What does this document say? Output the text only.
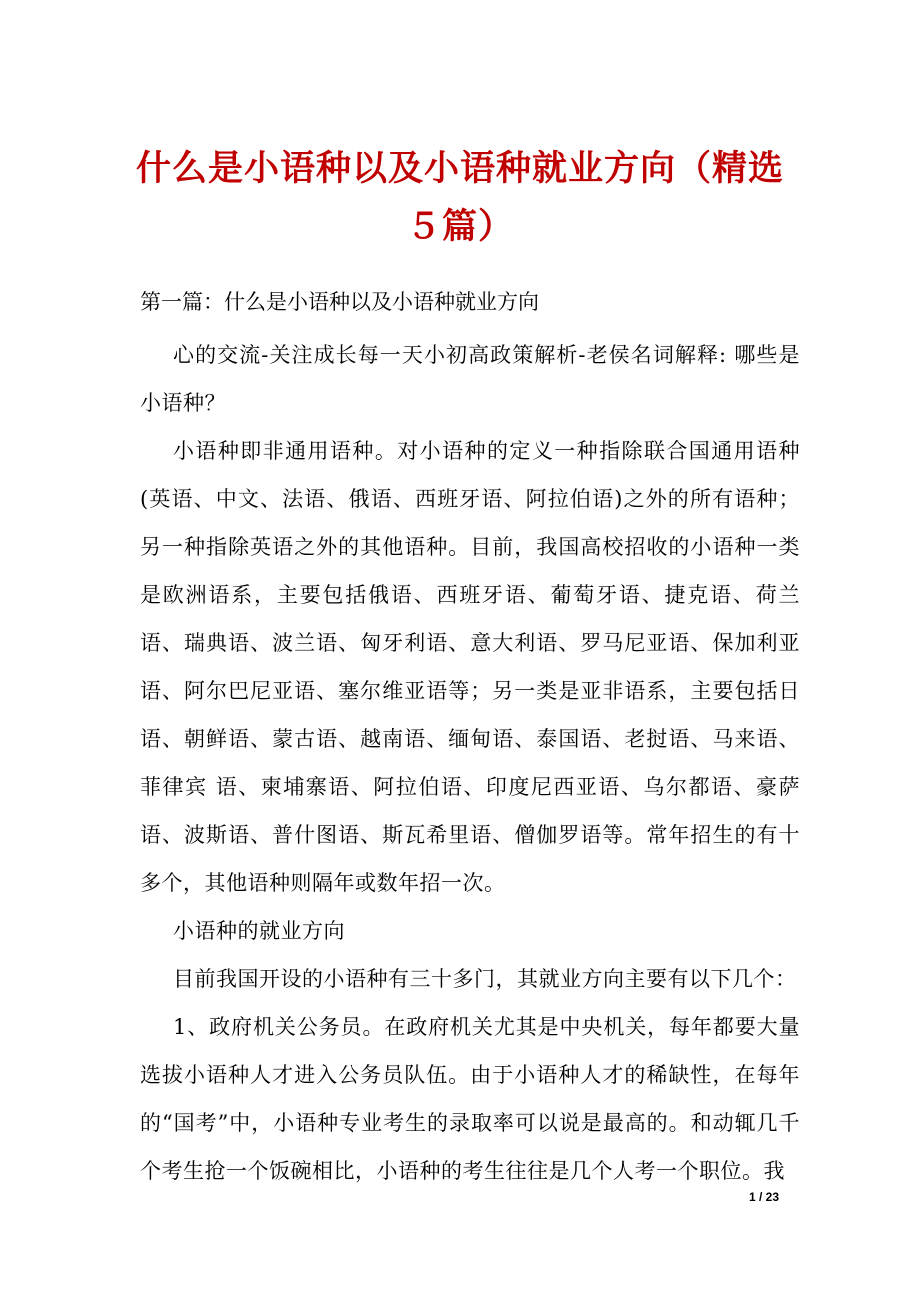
什么是小语种以及小语种就业方向（精选５篇）
第一篇：什么是小语种以及小语种就业方向

心的交流-关注成长每一天小初高政策解析-老侯名词解释: 哪些是小语种？

小语种即非通用语种。对小语种的定义一种指除联合国通用语种(英语、中文、法语、俄语、西班牙语、阿拉伯语)之外的所有语种；另一种指除英语之外的其他语种。目前，我国高校招收的小语种一类是欧洲语系，主要包括俄语、西班牙语、葡萄牙语、捷克语、荷兰语、瑞典语、波兰语、匈牙利语、意大利语、罗马尼亚语、保加利亚语、阿尔巴尼亚语、塞尔维亚语等；另一类是亚非语系，主要包括日语、朝鲜语、蒙古语、越南语、缅甸语、泰国语、老挝语、马来语、菲律宾 语、柬埔寨语、阿拉伯语、印度尼西亚语、乌尔都语、豪萨语、波斯语、普什图语、斯瓦希里语、僧伽罗语等。常年招生的有十多个，其他语种则隔年或数年招一次。

小语种的就业方向

目前我国开设的小语种有三十多门，其就业方向主要有以下几个：

1、政府机关公务员。在政府机关尤其是中央机关，每年都要大量选拔小语种人才进入公务员队伍。由于小语种人才的稀缺性，在每年的“国考”中，小语种专业考生的录取率可以说是最高的。和动辄几千个考生抢一个饭碗相比，小语种的考生往往是几个人考一个职位。我

1 / 23
